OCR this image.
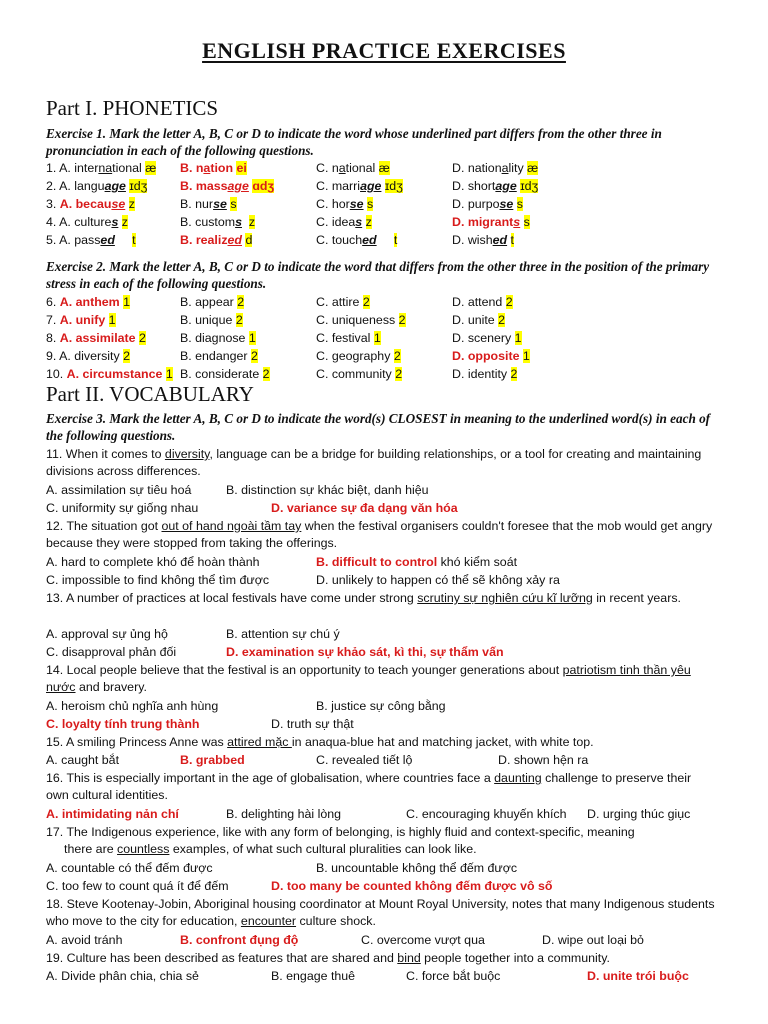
ENGLISH PRACTICE EXERCISES
Part I. PHONETICS
Exercise 1. Mark the letter A, B, C or D to indicate the word whose underlined part differs from the other three in pronunciation in each of the following questions.
1. A. international æ B. nation ei	C. national æ	D. nationality æ
2. A. language ɪdʒ	B. massage ɑdʒ	C. marriage ɪdʒ	D. shortage ɪdʒ
3. A. because z	B. nurse s	C. horse s	D. purpose s
4. A. cultures z	B. customs z	C. ideas z	D. migrants s
5. A. passed t	B. realized d	C. touched t	D. wished t
Exercise 2. Mark the letter A, B, C or D to indicate the word that differs from the other three in the position of the primary stress in each of the following questions.
6. A. anthem 1	B. appear 2	C. attire 2	D. attend 2
7. A. unify 1	B. unique 2	C. uniqueness 2	D. unite 2
8. A. assimilate 2	B. diagnose 1	C. festival 1	D. scenery 1
9. A. diversity 2	B. endanger 2	C. geography 2	D. opposite 1
10. A. circumstance 1 B. considerate 2	C. community 2	D. identity 2
Part II. VOCABULARY
Exercise 3. Mark the letter A, B, C or D to indicate the word(s) CLOSEST in meaning to the underlined word(s) in each of the following questions.
11. When it comes to diversity, language can be a bridge for building relationships, or a tool for creating and maintaining divisions across differences.
A. assimilation sự tiêu hoá	B. distinction sự khác biệt, danh hiệu
C. uniformity sự giống nhau	D. variance sự đa dạng văn hóa
12. The situation got out of hand ngoài tầm tay when the festival organisers couldn't foresee that the mob would get angry because they were stopped from taking the offerings.
A. hard to complete khó để hoàn thành	B. difficult to control khó kiểm soát
C. impossible to find không thể tìm được	D. unlikely to happen có thể sẽ không xảy ra
13. A number of practices at local festivals have come under strong scrutiny sự nghiên cứu kĩ lưỡng in recent years.
A. approval sự ủng hộ	B. attention sự chú ý
C. disapproval phản đối	D. examination sự khảo sát, kì thi, sự thẩm vấn
14. Local people believe that the festival is an opportunity to teach younger generations about patriotism tinh thần yêu nước and bravery.
A. heroism chủ nghĩa anh hùng	B. justice sự công bằng
C. loyalty tính trung thành	D. truth sự thật
15. A smiling Princess Anne was attired mặc in anaqua-blue hat and matching jacket, with white top.
A. caught bắt	B. grabbed	C. revealed tiết lộ	D. shown hện ra
16. This is especially important in the age of globalisation, where countries face a daunting challenge to preserve their own cultural identities.
A. intimidating nản chí	B. delighting hài lòng	C. encouraging khuyến khích D. urging thúc giục
17. The Indigenous experience, like with any form of belonging, is highly fluid and context-specific, meaning
there are countless examples, of what such cultural pluralities can look like.
A. countable có thể đếm được	B. uncountable không thể đếm được
C. too few to count quá ít để đếm	D. too many be counted không đếm được vô số
18. Steve Kootenay-Jobin, Aboriginal housing coordinator at Mount Royal University, notes that many Indigenous students who move to the city for education, encounter culture shock.
A. avoid tránh	B. confront đụng độ	C. overcome vượt qua	D. wipe out loại bỏ
19. Culture has been described as features that are shared and bind people together into a community.
A. Divide phân chia, chia sẻ	B. engage thuê	C. force bắt buộc	D. unite trói buộc
